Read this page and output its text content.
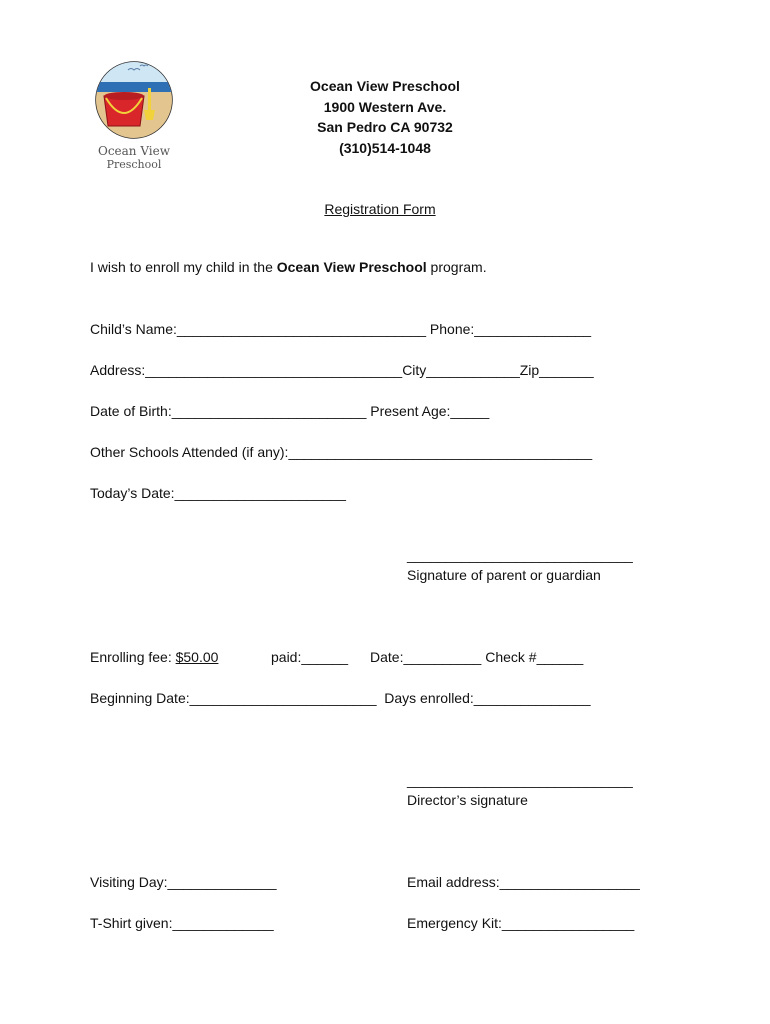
Ocean View
Preschool
Ocean View Preschool
1900 Western Ave.
San Pedro CA 90732
(310)514-1048
Registration Form
I wish to enroll my child in the Ocean View Preschool program.
Child’s Name:________________________________ Phone:_______________
Address:_________________________________City____________Zip_______
Date of Birth:_________________________ Present Age:_____
Other Schools Attended (if any):_______________________________________
Today’s Date:______________________
_____________________________
Signature of parent or guardian
Enrolling fee: $50.00	paid:______ Date:__________ Check #______
Beginning Date:________________________  Days enrolled:_______________
_____________________________
Director’s signature
Visiting Day:______________	Email address:__________________
T-Shirt given:_____________	Emergency Kit:_________________
